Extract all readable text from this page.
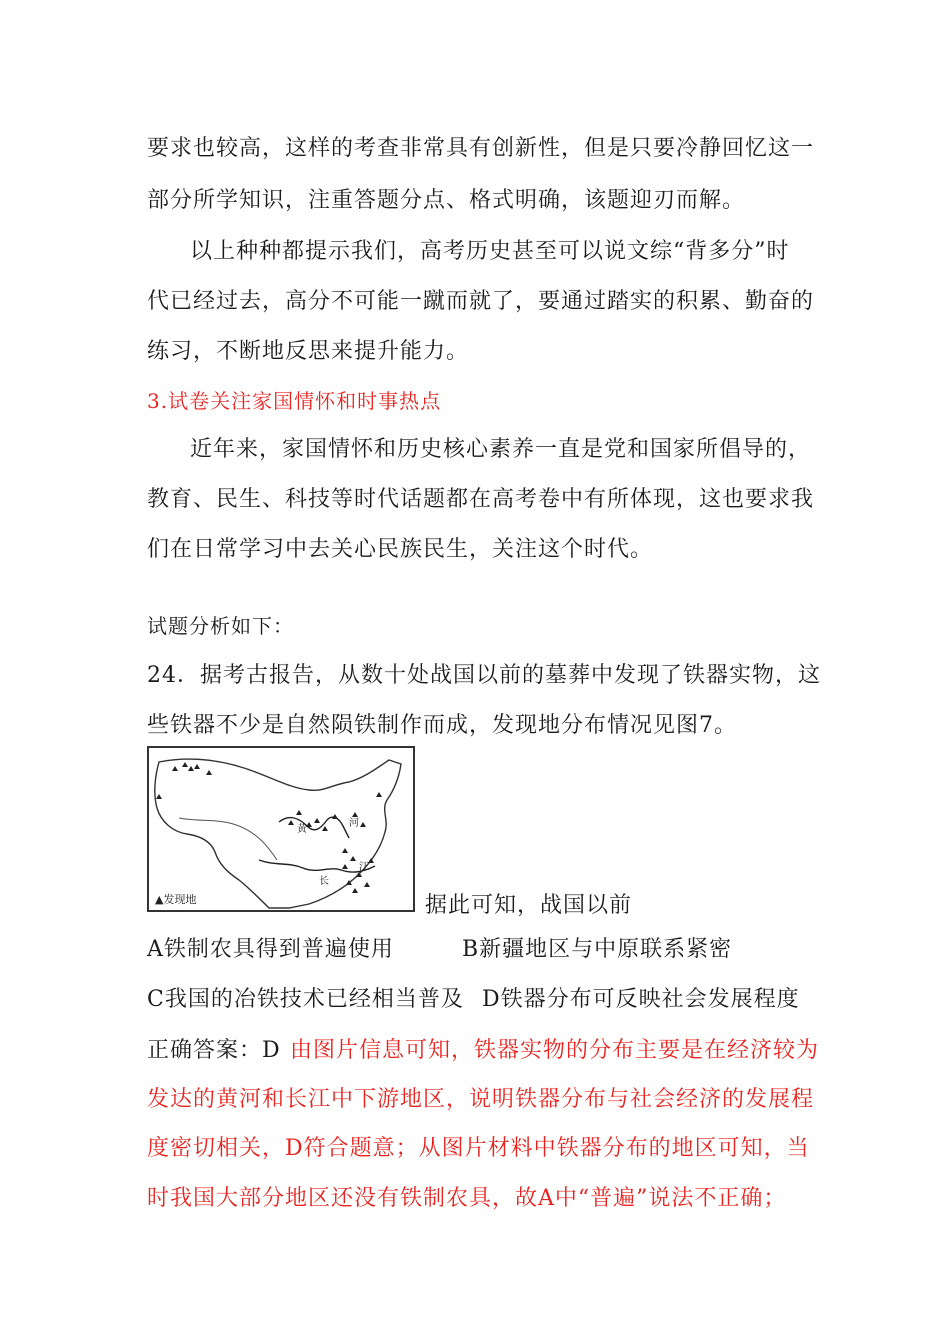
要求也较高，这样的考查非常具有创新性，但是只要冷静回忆这一
部分所学知识，注重答题分点、格式明确，该题迎刃而解。
以上种种都提示我们，高考历史甚至可以说文综“背多分”时
代已经过去，高分不可能一蹴而就了，要通过踏实的积累、勤奋的
练习，不断地反思来提升能力。
3.试卷关注家国情怀和时事热点
近年来，家国情怀和历史核心素养一直是党和国家所倡导的，
教育、民生、科技等时代话题都在高考卷中有所体现，这也要求我
们在日常学习中去关心民族民生，关注这个时代。
试题分析如下：
24．据考古报告，从数十处战国以前的墓葬中发现了铁器实物，这
些铁器不少是自然陨铁制作而成，发现地分布情况见图7。
黄
河
长
江
▲发现地	据此可知，战国以前
A铁制农具得到普遍使用	B新疆地区与中原联系紧密
C我国的冶铁技术已经相当普及 D铁器分布可反映社会发展程度
正确答案：D 由图片信息可知，铁器实物的分布主要是在经济较为
发达的黄河和长江中下游地区，说明铁器分布与社会经济的发展程
度密切相关，D符合题意；从图片材料中铁器分布的地区可知，当
时我国大部分地区还没有铁制农具，故A中“普遍”说法不正确；
